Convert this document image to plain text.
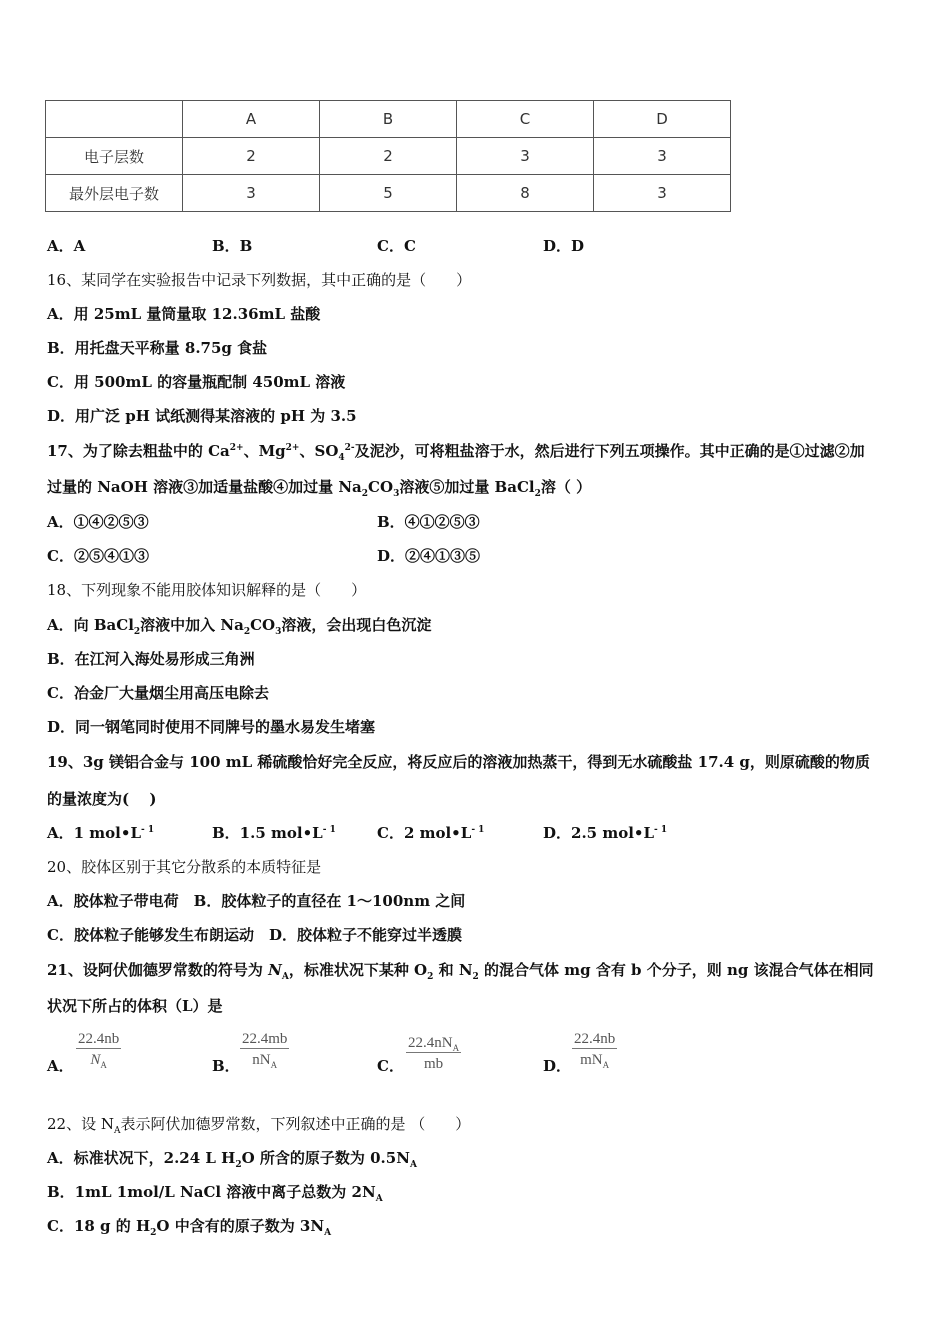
	A	B	C	D
电子层数	2	2	3	3
最外层电子数	3	5	8	3
A．A	B．B	C．C	D．D
16、某同学在实验报告中记录下列数据，其中正确的是（　　）
A．用 25mL 量筒量取 12.36mL 盐酸
B．用托盘天平称量 8.75g 食盐
C．用 500mL 的容量瓶配制 450mL 溶液
D．用广泛 pH 试纸测得某溶液的 pH 为 3.5
17、为了除去粗盐中的 $Ca^{2+}$、$Mg^{2+}$、$SO_4^{2-}$及泥沙，可将粗盐溶于水，然后进行下列五项操作。其中正确的是①过滤②加
过量的 NaOH 溶液③加适量盐酸④加过量 $Na_2CO_3$溶液⑤加过量 BaCl$_2$溶（ ）
A．①④②⑤③	B．④①②⑤③
C．②⑤④①③	D．②④①③⑤
18、下列现象不能用胶体知识解释的是（　　）
A．向 BaCl$_2$溶液中加入 $Na_2CO_3$溶液，会出现白色沉淀
B．在江河入海处易形成三角洲
C．冶金厂大量烟尘用高压电除去
D．同一钢笔同时使用不同牌号的墨水易发生堵塞
19、3g 镁铝合金与 100 mL 稀硫酸恰好完全反应，将反应后的溶液加热蒸干，得到无水硫酸盐 17.4 g，则原硫酸的物质
的量浓度为(　 )
A．1 $mol•L^{- 1}$	B．1.5 $mol•L^{- 1}$	C．2 $mol•L^{- 1}$	D．2.5 $mol•L^{- 1}$
20、胶体区别于其它分散系的本质特征是
A．胶体粒子带电荷　B．胶体粒子的直径在 1～100nm 之间
C．胶体粒子能够发生布朗运动　D．胶体粒子不能穿过半透膜
21、设阿伏伽德罗常数的符号为 $N_A$，标准状况下某种 $O_2$ 和 $N_2$ 的混合气体 mg 含有 b 个分子，则 ng 该混合气体在相同
状况下所占的体积（L）是
A． $\frac{22.4nb}{N_A}$	B．
22.4mb
$nN_A$	C．
$22.4nN_A$
mb	D．
22.4nb
$mN_A$
22、设 $N_A$表示阿伏加德罗常数，下列叙述中正确的是 （　　）
A．标准状况下，2.24 L $H_2O$ 所含的原子数为 $0.5N_A$
B．1mL 1mol/L NaCl 溶液中离子总数为 $2N_A$
C．18 g 的 $H_2O$ 中含有的原子数为 $3N_A$
